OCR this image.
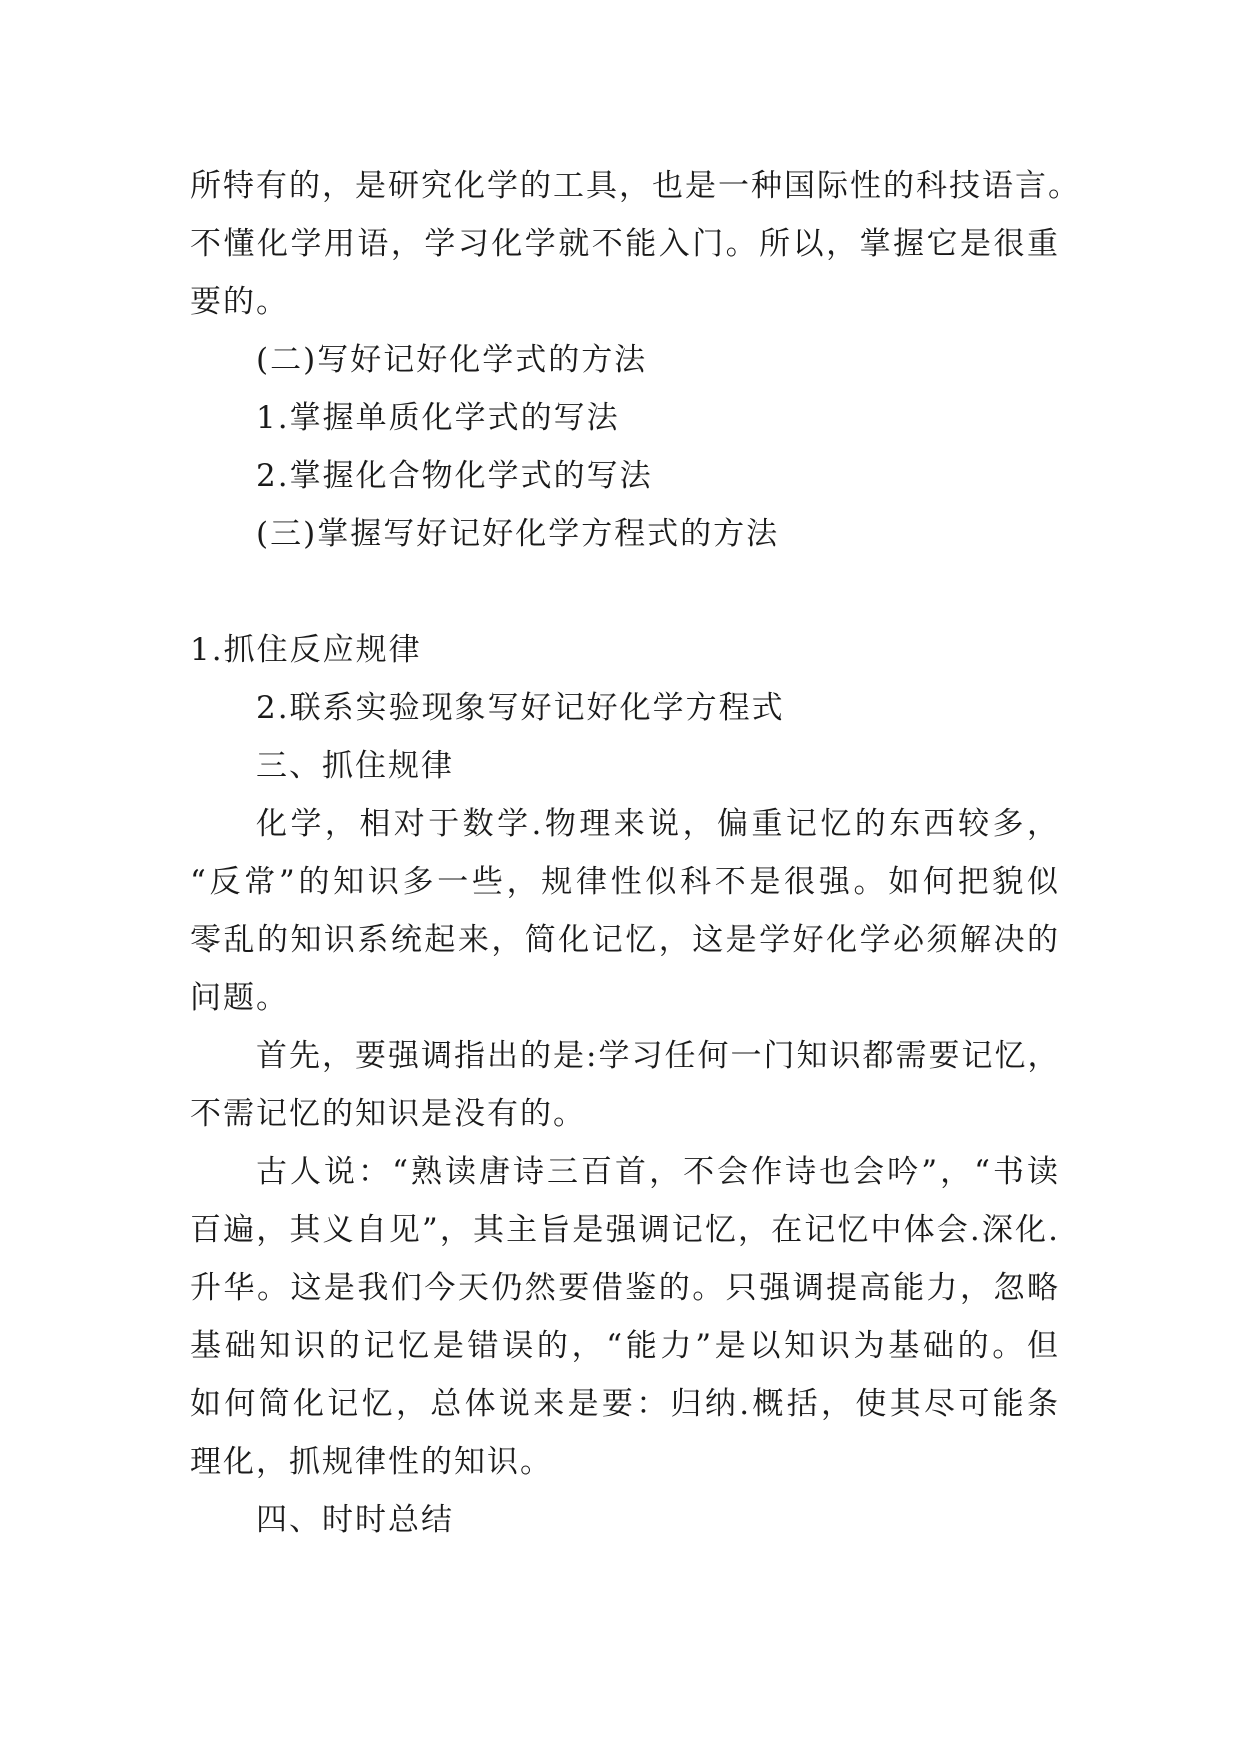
所特有的，是研究化学的工具，也是一种国际性的科技语言。
不懂化学用语，学习化学就不能入门。所以，掌握它是很重
要的。
(二)写好记好化学式的方法
1.掌握单质化学式的写法
2.掌握化合物化学式的写法
(三)掌握写好记好化学方程式的方法
1.抓住反应规律
2.联系实验现象写好记好化学方程式
三、抓住规律
化学，相对于数学.物理来说，偏重记忆的东西较多，
“反常”的知识多一些，规律性似科不是很强。如何把貌似
零乱的知识系统起来，简化记忆，这是学好化学必须解决的
问题。
首先，要强调指出的是:学习任何一门知识都需要记忆，
不需记忆的知识是没有的。
古人说：“熟读唐诗三百首，不会作诗也会吟”，“书读
百遍，其义自见”，其主旨是强调记忆，在记忆中体会.深化.
升华。这是我们今天仍然要借鉴的。只强调提高能力，忽略
基础知识的记忆是错误的，“能力”是以知识为基础的。但
如何简化记忆，总体说来是要：归纳.概括，使其尽可能条
理化，抓规律性的知识。
四、时时总结
